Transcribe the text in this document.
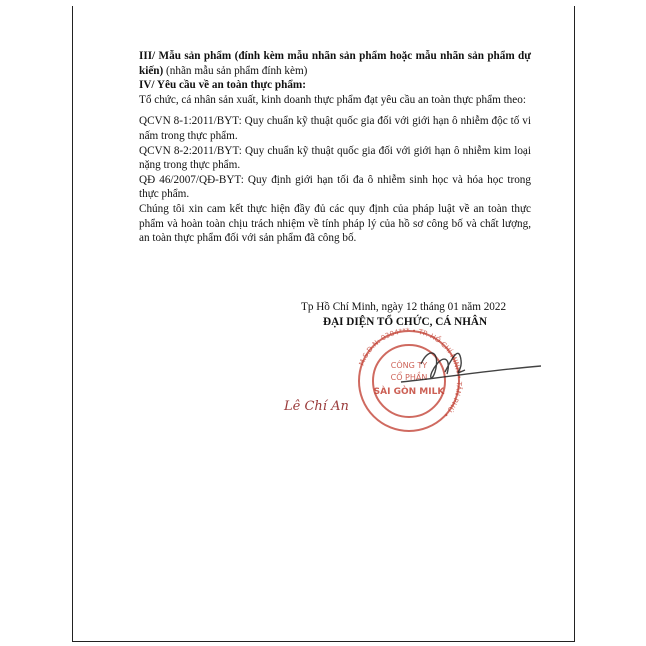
III/ Mẫu sản phẩm (đính kèm mẫu nhãn sản phẩm hoặc mẫu nhãn sản phẩm dự kiến) (nhãn mẫu sản phẩm đính kèm)

IV/ Yêu cầu về an toàn thực phẩm:

Tổ chức, cá nhân sản xuất, kinh doanh thực phẩm đạt yêu cầu an toàn thực phẩm theo:

QCVN 8-1:2011/BYT: Quy chuẩn kỹ thuật quốc gia đối với giới hạn ô nhiễm độc tố vi nấm trong thực phẩm.

QCVN 8-2:2011/BYT: Quy chuẩn kỹ thuật quốc gia đối với giới hạn ô nhiễm kim loại nặng trong thực phẩm.

QĐ 46/2007/QĐ-BYT: Quy định giới hạn tối đa ô nhiễm sinh học và hóa học trong thực phẩm.

Chúng tôi xin cam kết thực hiện đầy đủ các quy định của pháp luật về an toàn thực phẩm và hoàn toàn chịu trách nhiệm về tính pháp lý của hồ sơ công bố và chất lượng, an toàn thực phẩm đối với sản phẩm đã công bố.

Tp Hồ Chí Minh, ngày 12 tháng 01 năm 2022
ĐẠI DIỆN TỔ CHỨC, CÁ NHÂN
M.S.D.N: 0304*** • TP. HỒ CHÍ MINH • TÂN PHÚ •
CÔNG TY
CỔ PHẦN
SÀI GÒN MILK
Lê Chí An
